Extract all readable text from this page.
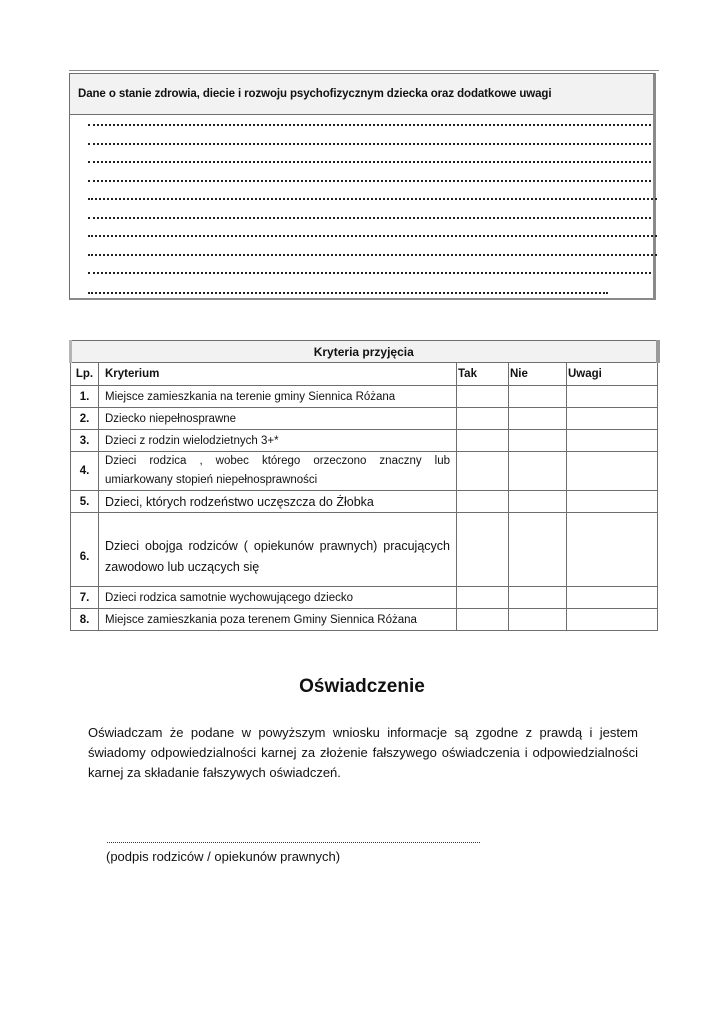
Dane o stanie zdrowia, diecie i rozwoju psychofizycznym dziecka oraz dodatkowe uwagi
Kryteria przyjęcia				
Lp.	Kryterium	Tak	Nie	Uwagi
1.	Miejsce zamieszkania na terenie gminy Siennica Różana			
2.	Dziecko niepełnosprawne			
3.	Dzieci z rodzin wielodzietnych 3+*			
4.	Dzieci rodzica , wobec którego orzeczono znaczny lub umiarkowany stopień niepełnosprawności			
5.	Dzieci, których rodzeństwo uczęszcza do Żłobka			
6.	Dzieci obojga rodziców ( opiekunów prawnych) pracujących zawodowo lub uczących się			
7.	Dzieci rodzica samotnie wychowującego dziecko			
8.	Miejsce zamieszkania poza terenem Gminy Siennica Różana			
Oświadczenie

Oświadczam że podane w powyższym wniosku informacje są zgodne z prawdą i jestem świadomy odpowiedzialności karnej za złożenie fałszywego oświadczenia i odpowiedzialności karnej za składanie fałszywych oświadczeń.

(podpis rodziców / opiekunów prawnych)
